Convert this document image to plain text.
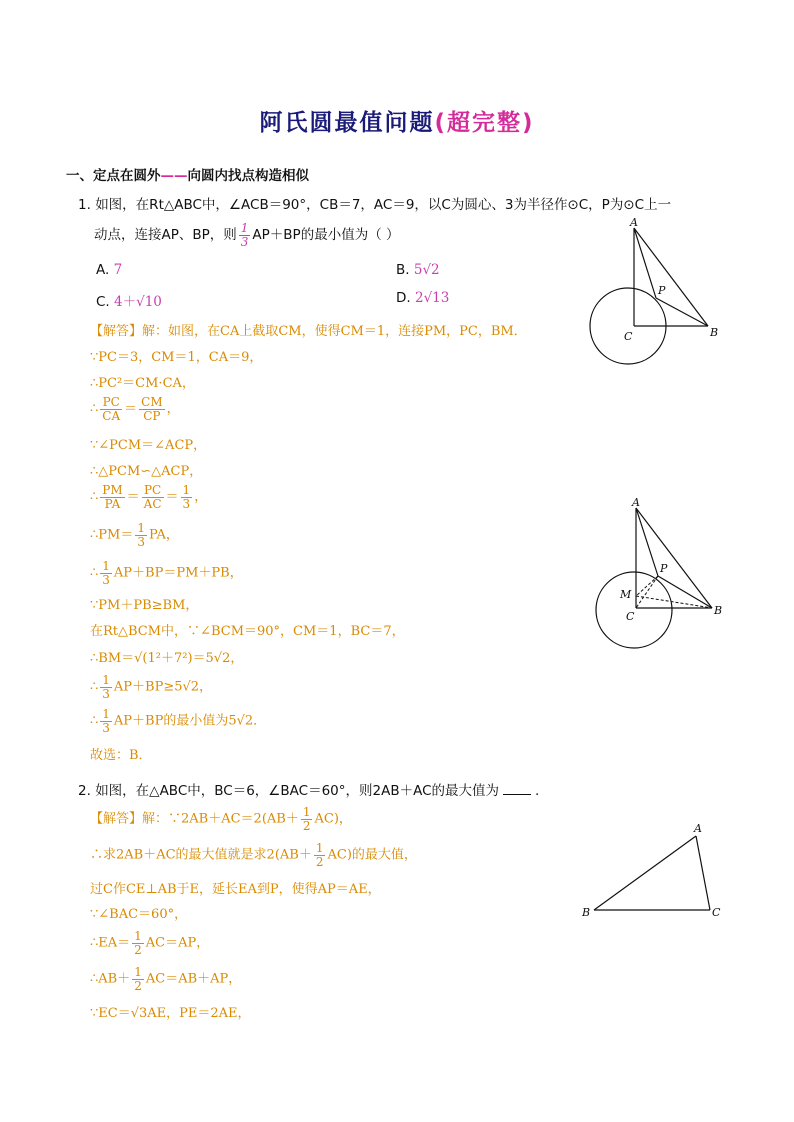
阿氏圆最值问题(超完整)
一、定点在圆外——向圆内找点构造相似
1. 如图，在Rt△ABC中，∠ACB＝90°，CB＝7，AC＝9，以C为圆心、3为半径作⊙C，P为⊙C上一
动点，连接AP、BP，则 $\frac{1}{3} AP+BP$的最小值为（ ）
A. 7	B. 5√2
C. 4＋√10	D. 2√13
【解答】解：如图，在CA上截取CM，使得CM＝1，连接PM，PC，BM．
∵PC＝3，CM＝1，CA＝9，
∴PC²＝CM·CA，
∴ $\frac{PC}{CA} = \frac{CM}{CP}$ ，
∵∠PCM＝∠ACP，
∴△PCM∽△ACP，
∴ $\frac{PM}{PA} = \frac{PC}{AC} = \frac{1}{3}$ ，
∴PM＝ $\frac{1}{3}$ PA，
∴ $\frac{1}{3} AP+BP=PM+PB$，
∵PM＋PB≥BM，
在Rt△BCM中，∵∠BCM＝90°，CM＝1，BC＝7，
∴BM＝√(1²＋7²)＝5√2，
∴ $\frac{1}{3} AP+BP\ge 5√2$，
∴ $\frac{1}{3} AP+BP$的最小值为5√2．
故选：B．
2. 如图，在△ABC中，BC＝6，∠BAC＝60°，则2AB＋AC的最大值为	.
【解答】解：∵2AB＋AC＝2(AB＋ $\frac{1}{2} AC$)，
∴求2AB＋AC的最大值就是求$2(AB+ \frac{1}{2} AC)$的最大值，
过C作CE⊥AB于E，延长EA到P，使得AP＝AE，
∵∠BAC＝60°，
∴EA＝ $\frac{1}{2} AC=AP$，
∴AB＋ $\frac{1}{2} AC=AB+AP$，
∵EC＝√3AE，PE＝2AE，
A
P
C	B
A
P
M
C	B
A
B	C
